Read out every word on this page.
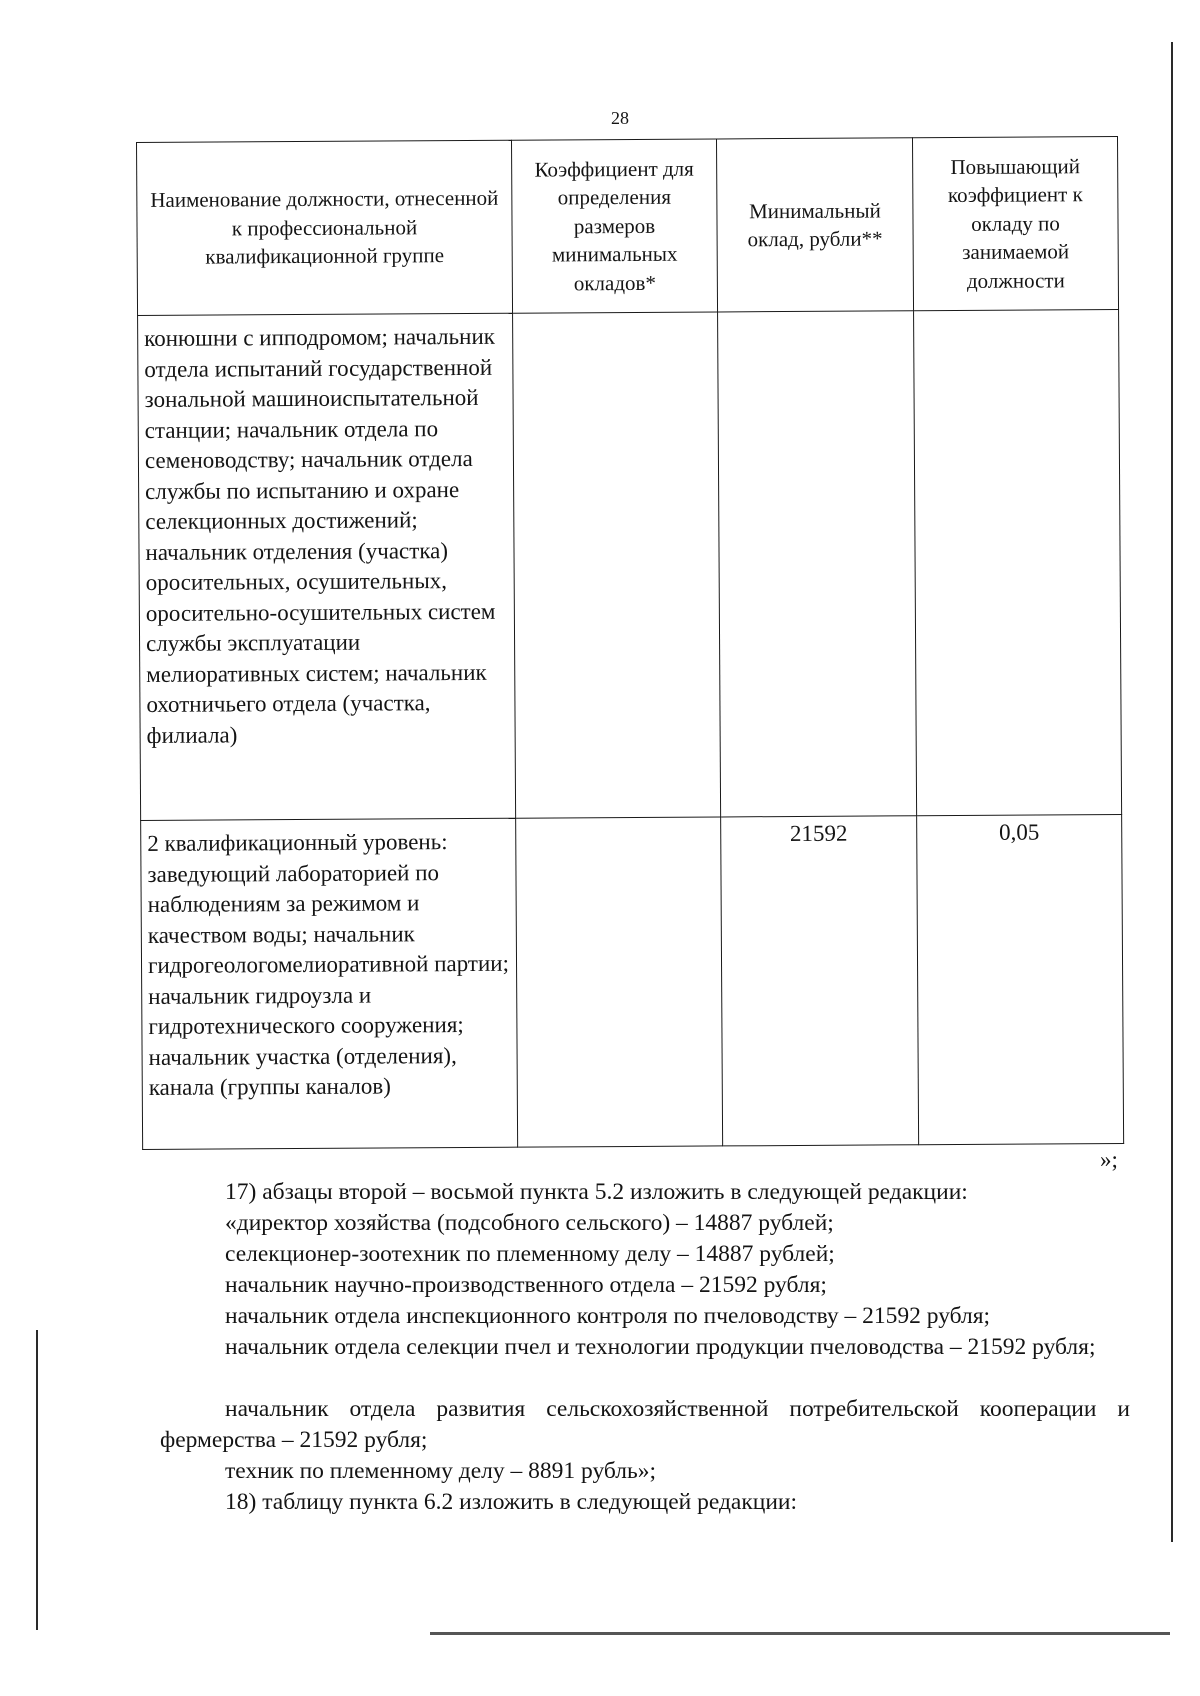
28
Наименование должности, отнесенной к профессиональной квалификационной группе	Коэффициент для определения размеров минимальных окладов*	Минимальный оклад, рубли**	Повышающий коэффициент к окладу по занимаемой должности
конюшни с ипподромом; начальник отдела испытаний государственной зональной машиноиспытательной станции; начальник отдела по семеноводству; начальник отдела службы по испытанию и охране селекционных достижений; начальник отделения (участка) оросительных, осушительных, оросительно-осушительных систем службы эксплуатации мелиоративных систем; начальник охотничьего отдела (участка, филиала)			
2 квалификационный уровень: заведующий лабораторией по наблюдениям за режимом и качеством воды; начальник гидрогеологомелиоративной партии; начальник гидроузла и гидротехнического сооружения; начальник участка (отделения), канала (группы каналов)		21592	0,05
»;
17) абзацы второй – восьмой пункта 5.2 изложить в следующей редакции:
«директор хозяйства (подсобного сельского) – 14887 рублей;
селекционер-зоотехник по племенному делу – 14887 рублей;
начальник научно-производственного отдела – 21592 рубля;
начальник отдела инспекционного контроля по пчеловодству – 21592 рубля;
начальник отдела селекции пчел и технологии продукции пчеловодства – 21592 рубля;
начальник отдела развития сельскохозяйственной потребительской кооперации и фермерства – 21592 рубля;
техник по племенному делу – 8891 рубль»;
18) таблицу пункта 6.2 изложить в следующей редакции:
